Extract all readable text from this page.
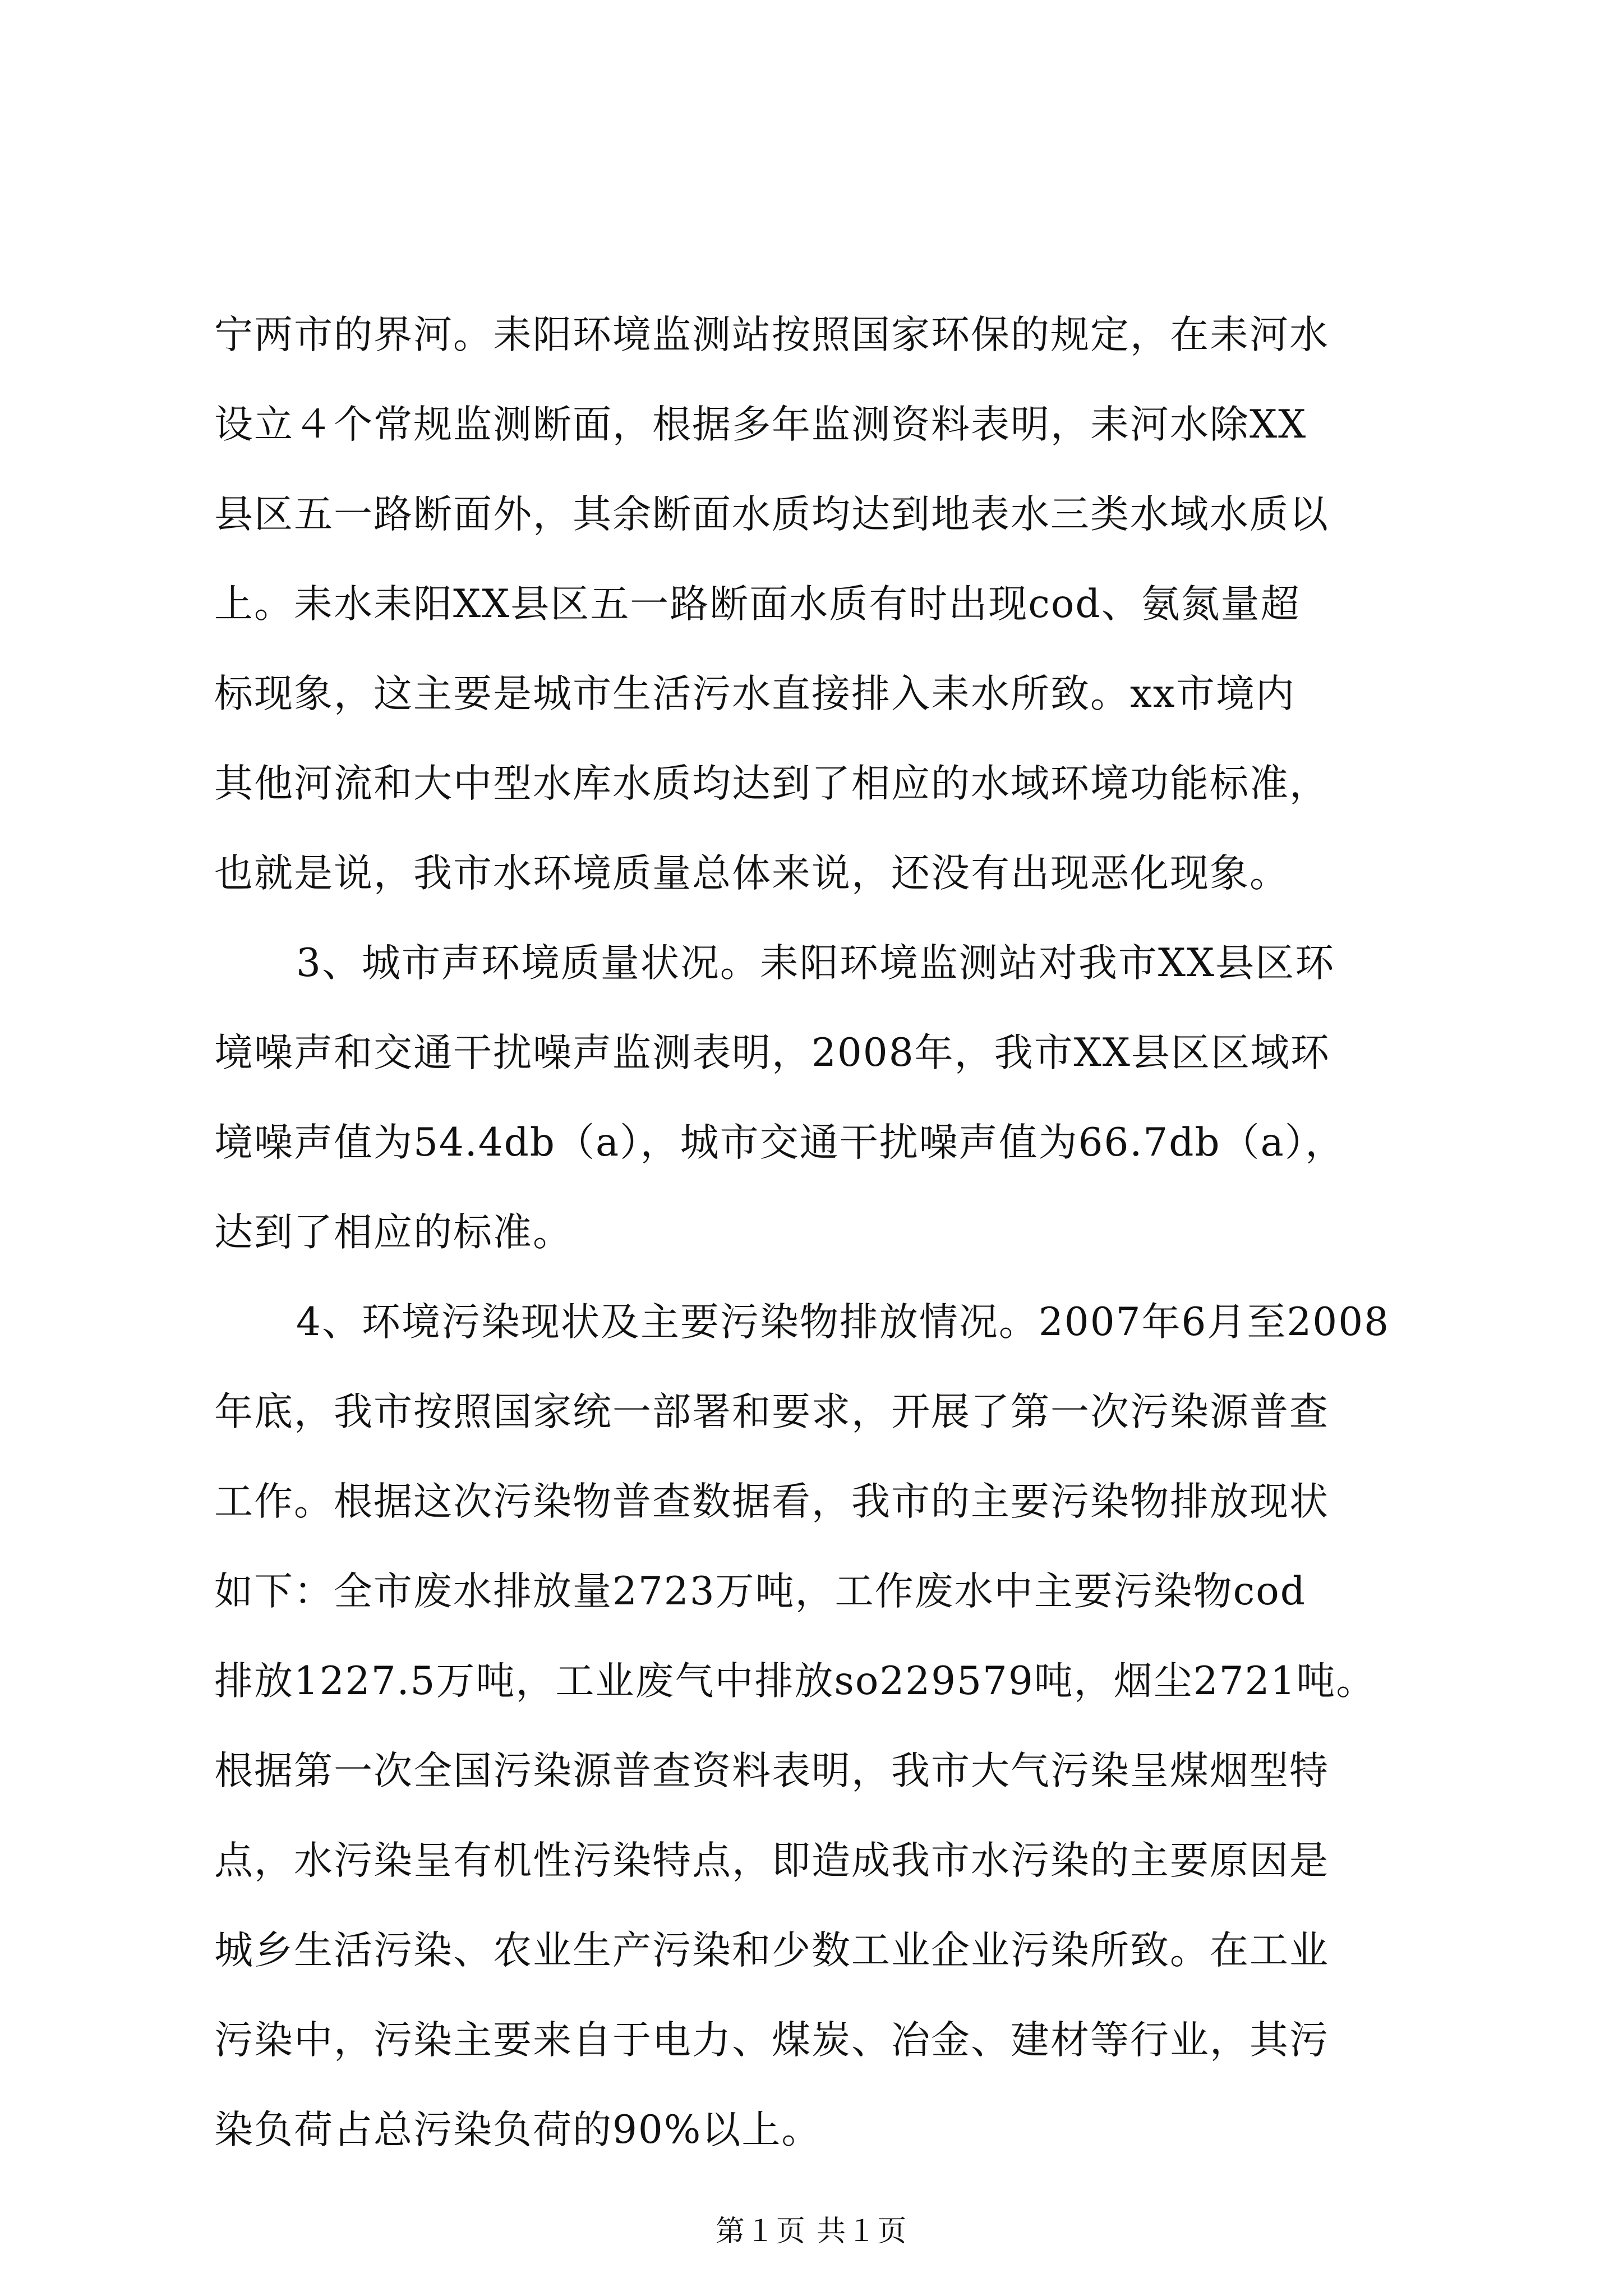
宁两市的界河。耒阳环境监测站按照国家环保的规定，在耒河水

设立４个常规监测断面，根据多年监测资料表明，耒河水除XX

县区五一路断面外，其余断面水质均达到地表水三类水域水质以

上。耒水耒阳XX县区五一路断面水质有时出现cod、氨氮量超

标现象，这主要是城市生活污水直接排入耒水所致。xx市境内

其他河流和大中型水库水质均达到了相应的水域环境功能标准，

也就是说，我市水环境质量总体来说，还没有出现恶化现象。

3、城市声环境质量状况。耒阳环境监测站对我市XX县区环

境噪声和交通干扰噪声监测表明，2008年，我市XX县区区域环

境噪声值为54.4db（a），城市交通干扰噪声值为66.7db（a），

达到了相应的标准。

4、环境污染现状及主要污染物排放情况。2007年6月至2008

年底，我市按照国家统一部署和要求，开展了第一次污染源普查

工作。根据这次污染物普查数据看，我市的主要污染物排放现状

如下：全市废水排放量2723万吨，工作废水中主要污染物cod

排放1227.5万吨，工业废气中排放so229579吨，烟尘2721吨。

根据第一次全国污染源普查资料表明，我市大气污染呈煤烟型特

点，水污染呈有机性污染特点，即造成我市水污染的主要原因是

城乡生活污染、农业生产污染和少数工业企业污染所致。在工业

污染中，污染主要来自于电力、煤炭、冶金、建材等行业，其污

染负荷占总污染负荷的90%以上。

第１页 共１页
